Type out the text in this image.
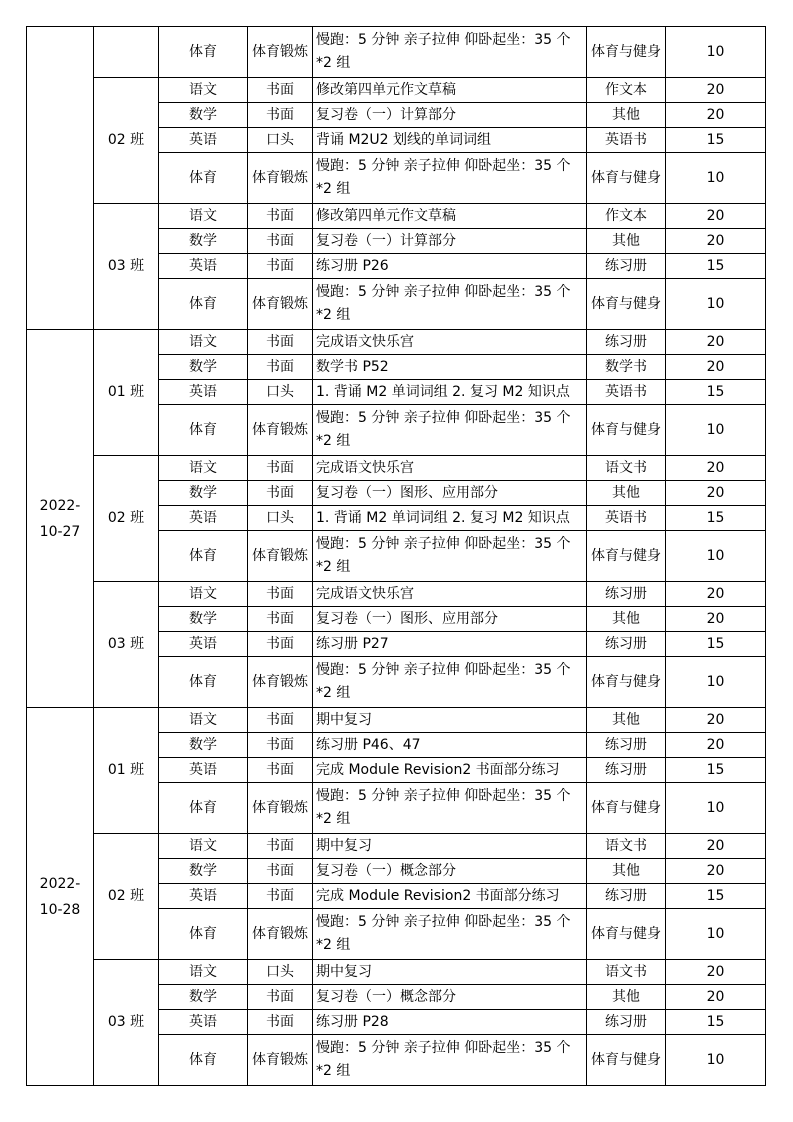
		体育	体育锻炼	慢跑：5 分钟 亲子拉伸 仰卧起坐：35 个*2 组	体育与健身	10
	02 班	语文	书面	修改第四单元作文草稿	作文本	20
		数学	书面	复习卷（一）计算部分	其他	20
		英语	口头	背诵 M2U2 划线的单词词组	英语书	15
		体育	体育锻炼	慢跑：5 分钟 亲子拉伸 仰卧起坐：35 个*2 组	体育与健身	10
	03 班	语文	书面	修改第四单元作文草稿	作文本	20
		数学	书面	复习卷（一）计算部分	其他	20
		英语	书面	练习册 P26	练习册	15
		体育	体育锻炼	慢跑：5 分钟 亲子拉伸 仰卧起坐：35 个*2 组	体育与健身	10
2022-10-27	01 班	语文	书面	完成语文快乐宫	练习册	20
		数学	书面	数学书 P52	数学书	20
		英语	口头	1. 背诵 M2 单词词组 2. 复习 M2 知识点	英语书	15
		体育	体育锻炼	慢跑：5 分钟 亲子拉伸 仰卧起坐：35 个*2 组	体育与健身	10
	02 班	语文	书面	完成语文快乐宫	语文书	20
		数学	书面	复习卷（一）图形、应用部分	其他	20
		英语	口头	1. 背诵 M2 单词词组 2. 复习 M2 知识点	英语书	15
		体育	体育锻炼	慢跑：5 分钟 亲子拉伸 仰卧起坐：35 个*2 组	体育与健身	10
	03 班	语文	书面	完成语文快乐宫	练习册	20
		数学	书面	复习卷（一）图形、应用部分	其他	20
		英语	书面	练习册 P27	练习册	15
		体育	体育锻炼	慢跑：5 分钟 亲子拉伸 仰卧起坐：35 个*2 组	体育与健身	10
2022-10-28	01 班	语文	书面	期中复习	其他	20
		数学	书面	练习册 P46、47	练习册	20
		英语	书面	完成 Module Revision2 书面部分练习	练习册	15
		体育	体育锻炼	慢跑：5 分钟 亲子拉伸 仰卧起坐：35 个*2 组	体育与健身	10
	02 班	语文	书面	期中复习	语文书	20
		数学	书面	复习卷（一）概念部分	其他	20
		英语	书面	完成 Module Revision2 书面部分练习	练习册	15
		体育	体育锻炼	慢跑：5 分钟 亲子拉伸 仰卧起坐：35 个*2 组	体育与健身	10
	03 班	语文	口头	期中复习	语文书	20
		数学	书面	复习卷（一）概念部分	其他	20
		英语	书面	练习册 P28	练习册	15
		体育	体育锻炼	慢跑：5 分钟 亲子拉伸 仰卧起坐：35 个*2 组	体育与健身	10
